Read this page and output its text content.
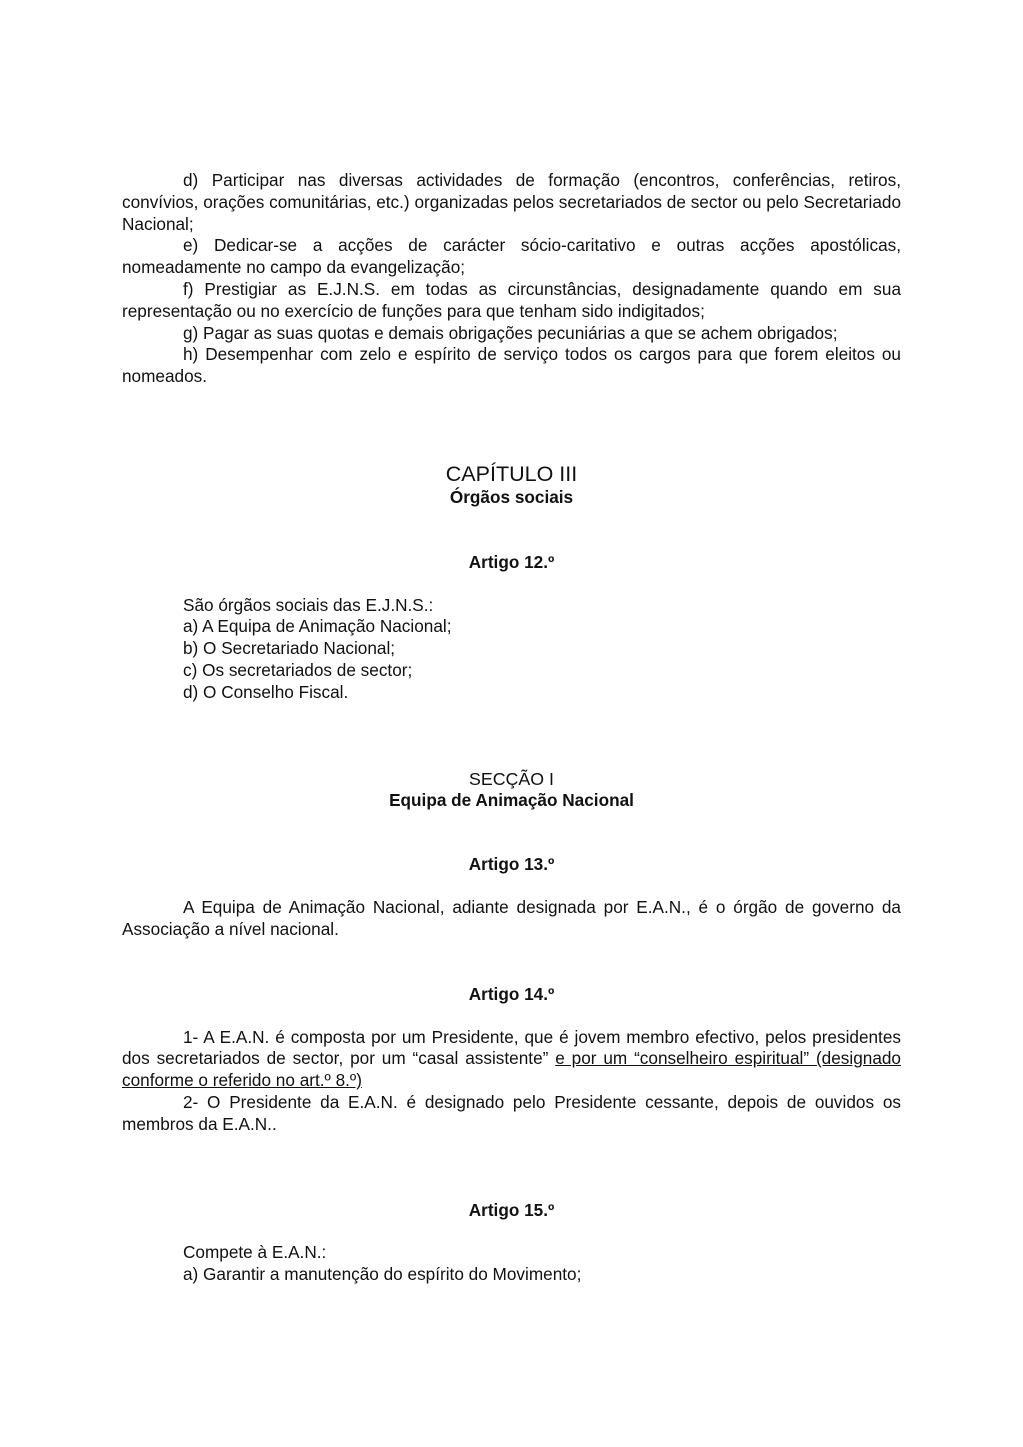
d) Participar nas diversas actividades de formação (encontros, conferências, retiros, convívios, orações comunitárias, etc.) organizadas pelos secretariados de sector ou pelo Secretariado Nacional;

e) Dedicar-se a acções de carácter sócio-caritativo e outras acções apostólicas, nomeadamente no campo da evangelização;

f) Prestigiar as E.J.N.S. em todas as circunstâncias, designadamente quando em sua representação ou no exercício de funções para que tenham sido indigitados;

g) Pagar as suas quotas e demais obrigações pecuniárias a que se achem obrigados;

h) Desempenhar com zelo e espírito de serviço todos os cargos para que forem eleitos ou nomeados.

CAPÍTULO III

Órgãos sociais

Artigo 12.º

São órgãos sociais das E.J.N.S.:

a) A Equipa de Animação Nacional;

b) O Secretariado Nacional;

c) Os secretariados de sector;

d) O Conselho Fiscal.

SECÇÃO I

Equipa de Animação Nacional

Artigo 13.º

A Equipa de Animação Nacional, adiante designada por E.A.N., é o órgão de governo da Associação a nível nacional.

Artigo 14.º

1- A E.A.N. é composta por um Presidente, que é jovem membro efectivo, pelos presidentes dos secretariados de sector, por um “casal assistente” e por um “conselheiro espiritual” (designado conforme o referido no art.º 8.º)

2- O Presidente da E.A.N. é designado pelo Presidente cessante, depois de ouvidos os membros da E.A.N..

Artigo 15.º

Compete à E.A.N.:

a) Garantir a manutenção do espírito do Movimento;
